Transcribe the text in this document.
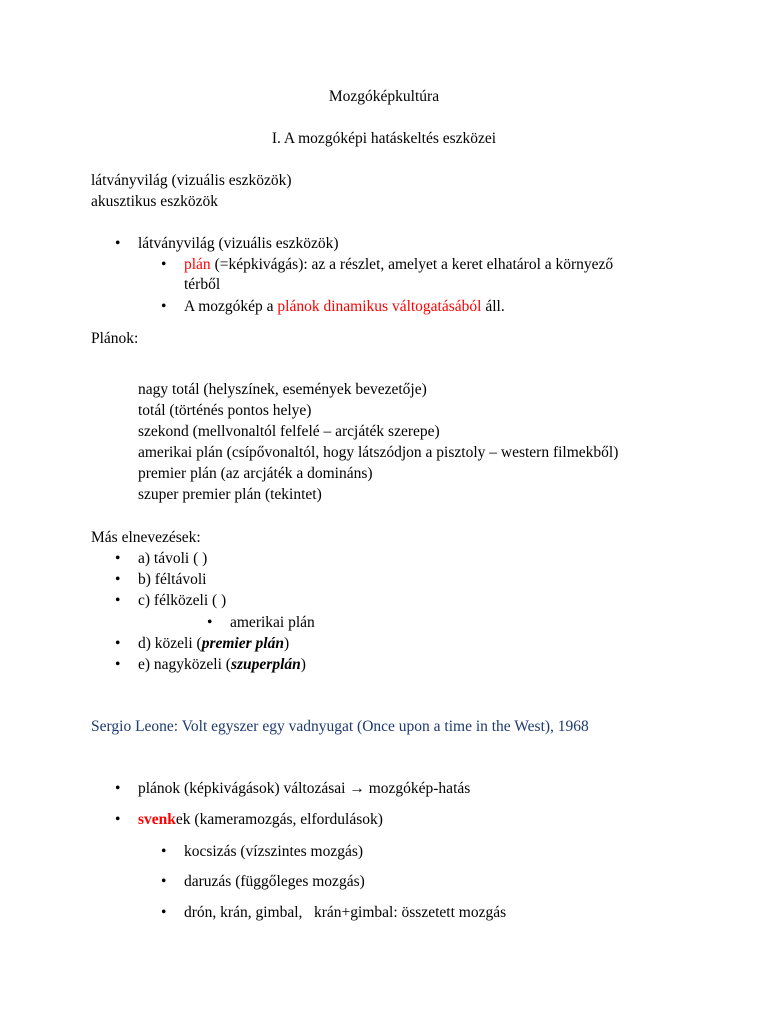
Mozgóképkultúra
I. A mozgóképi hatáskeltés eszközei
látványvilág (vizuális eszközök)
akusztikus eszközök
• látványvilág (vizuális eszközök)
• plán (=képkivágás): az a részlet, amelyet a keret elhatárol a környező
térből
• A mozgókép a plánok dinamikus váltogatásából áll.
Plánok:
nagy totál (helyszínek, események bevezetője)
totál (történés pontos helye)
szekond (mellvonaltól felfelé – arcjáték szerepe)
amerikai plán (csípővonaltól, hogy látszódjon a pisztoly – western filmekből)
premier plán (az arcjáték a domináns)
szuper premier plán (tekintet)
Más elnevezések:
• a) távoli ( )
• b) féltávoli
• c) félközeli ( )
• amerikai plán
• d) közeli (premier plán)
• e) nagyközeli (szuperplán)
Sergio Leone: Volt egyszer egy vadnyugat (Once upon a time in the West), 1968
• plánok (képkivágások) változásai → mozgókép-hatás
• svenkek (kameramozgás, elfordulások)
• kocsizás (vízszintes mozgás)
• daruzás (függőleges mozgás)
• drón, krán, gimbal,   krán+gimbal: összetett mozgás
